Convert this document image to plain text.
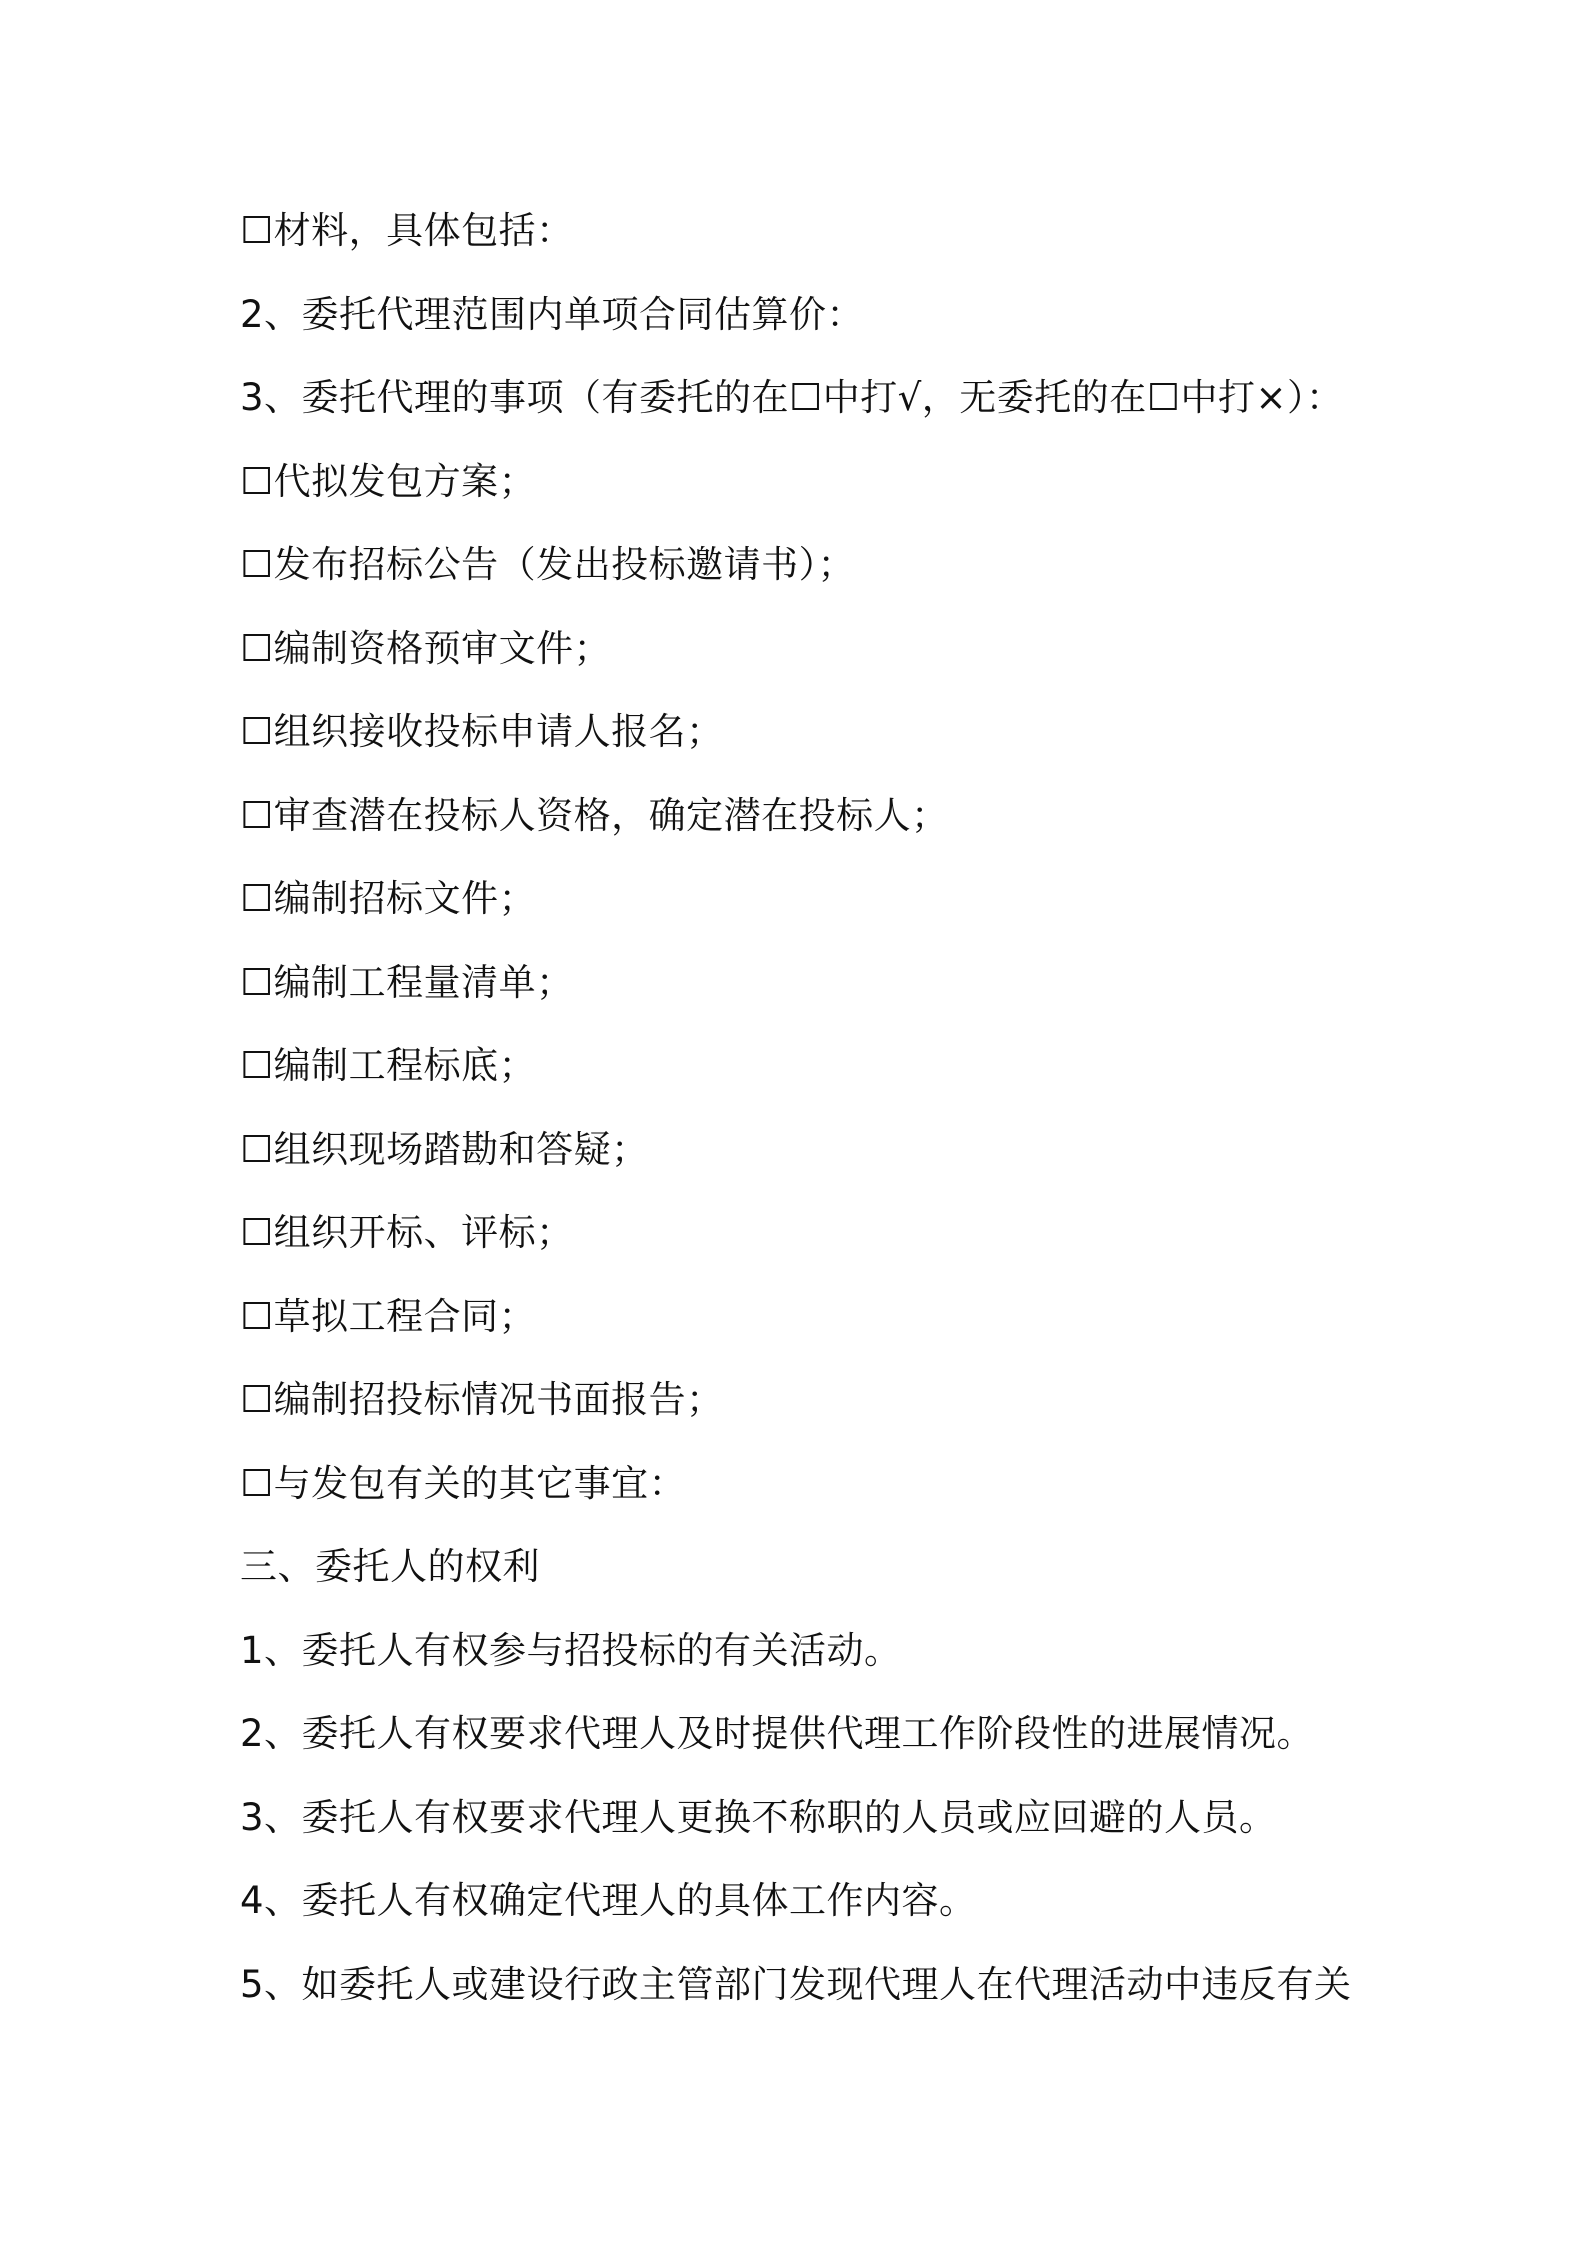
☐材料，具体包括：
2、委托代理范围内单项合同估算价：
3、委托代理的事项（有委托的在☐中打√，无委托的在☐中打×）：
☐代拟发包方案；
☐发布招标公告（发出投标邀请书）；
☐编制资格预审文件；
☐组织接收投标申请人报名；
☐审查潜在投标人资格，确定潜在投标人；
☐编制招标文件；
☐编制工程量清单；
☐编制工程标底；
☐组织现场踏勘和答疑；
☐组织开标、评标；
☐草拟工程合同；
☐编制招投标情况书面报告；
☐与发包有关的其它事宜：
三、委托人的权利
1、委托人有权参与招投标的有关活动。
2、委托人有权要求代理人及时提供代理工作阶段性的进展情况。
3、委托人有权要求代理人更换不称职的人员或应回避的人员。
4、委托人有权确定代理人的具体工作内容。
5、如委托人或建设行政主管部门发现代理人在代理活动中违反有关
